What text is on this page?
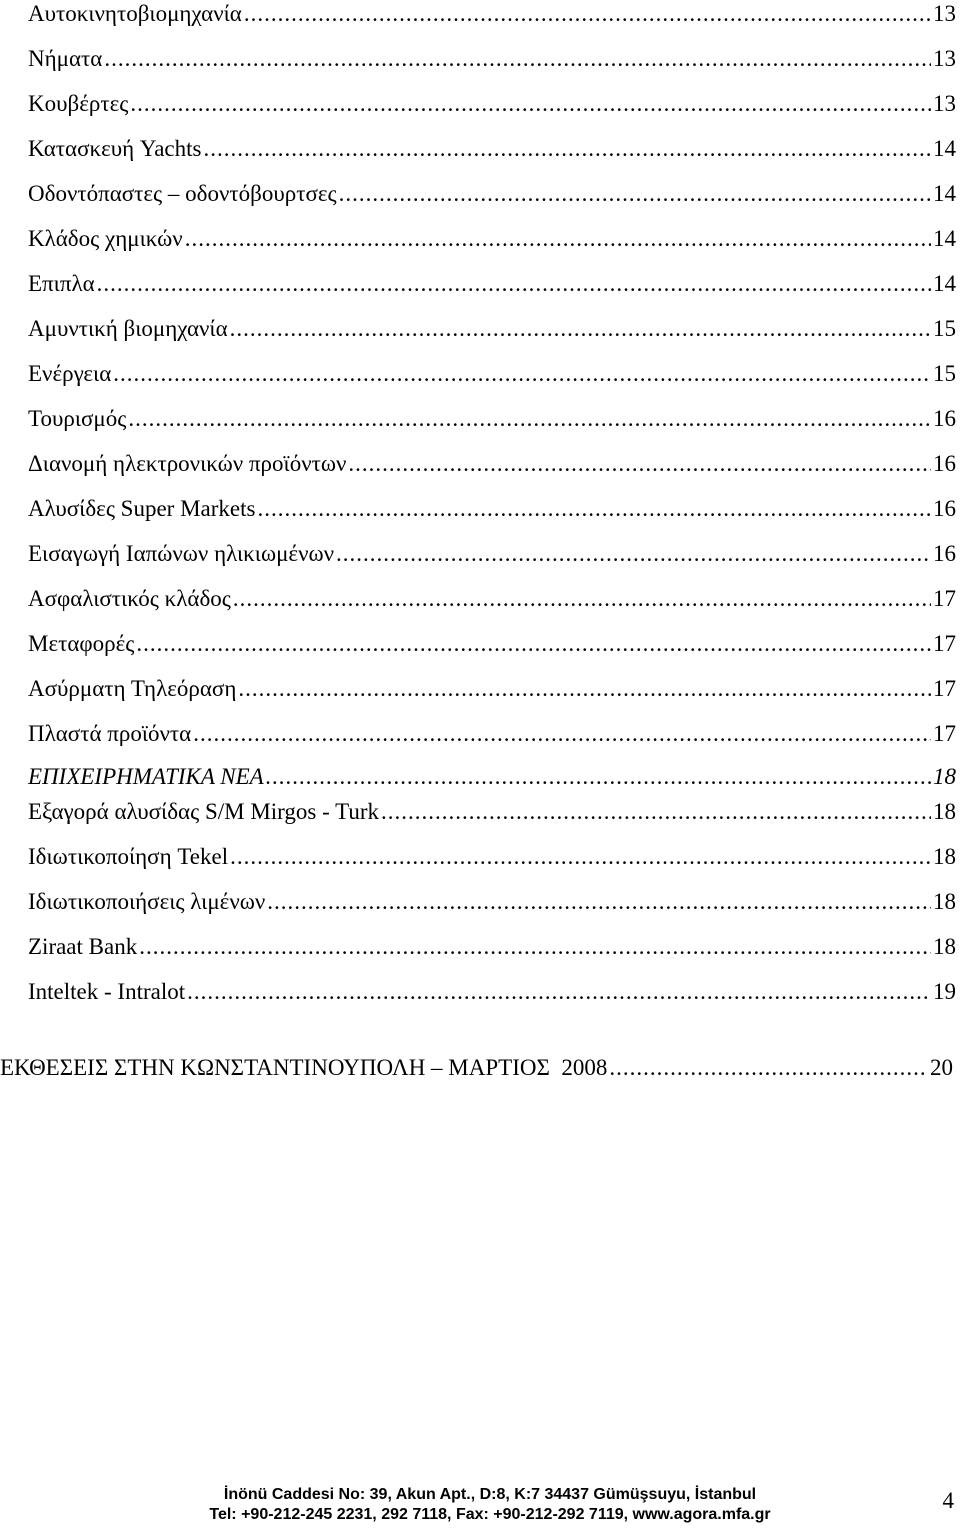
Αυτοκινητοβιομηχανία .....	13
Νήματα .....	13
Κουβέρτες .....	13
Κατασκευή Yachts .....	14
Οδοντόπαστες – οδοντόβουρτσες .....	14
Κλάδος χημικών .....	14
Επιπλα .....	14
Αμυντική βιομηχανία .....	15
Ενέργεια .....	15
Τουρισμός .....	16
Διανομή ηλεκτρονικών προϊόντων .....	16
Αλυσίδες Super Markets .....	16
Εισαγωγή Ιαπώνων ηλικιωμένων .....	16
Ασφαλιστικός κλάδος .....	17
Μεταφορές .....	17
Ασύρματη Τηλεόραση .....	17
Πλαστά προϊόντα .....	17
ΕΠΙΧΕΙΡΗΜΑΤΙΚΑ ΝΕΑ .....	18
Εξαγορά αλυσίδας S/M Mirgos - Turk .....	18
Ιδιωτικοποίηση Tekel .....	18
Ιδιωτικοποιήσεις λιμένων .....	18
Ziraat Bank .....	18
Inteltek - Intralot .....	19
ΕΚΘΕΣΕΙΣ ΣΤΗΝ ΚΩΝΣΤΑΝΤΙΝΟΥΠΟΛΗ – ΜΑΡΤΙΟΣ  2008 .....	20
İnönü Caddesi No: 39, Akun Apt., D:8, K:7 34437 Gümüşsuyu, İstanbul
Tel: +90-212-245 2231, 292 7118, Fax: +90-212-292 7119, www.agora.mfa.gr
4
